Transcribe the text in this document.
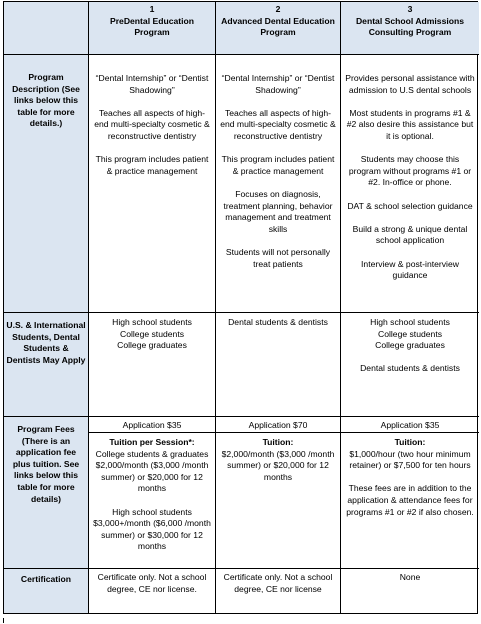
1
PreDental Education Program
2
Advanced Dental Education Program
3
Dental School Admissions Consulting Program
Program Description (See links below this table for more details.)

“Dental Internship” or “Dentist Shadowing”

Teaches all aspects of high-end multi-specialty cosmetic & reconstructive dentistry

This program includes patient & practice management

“Dental Internship” or “Dentist Shadowing”

Teaches all aspects of high-end multi-specialty cosmetic & reconstructive dentistry

This program includes patient & practice management

Focuses on diagnosis, treatment planning, behavior management and treatment skills

Students will not personally treat patients

Provides personal assistance with admission to U.S dental schools

Most students in programs #1 & #2 also desire this assistance but it is optional.

Students may choose this program without programs #1 or #2. In-office or phone.

DAT & school selection guidance

Build a strong & unique dental school application

Interview & post-interview guidance

U.S. & International Students, Dental Students & Dentists May Apply
High school students
College students
College graduates
Dental students & dentists	High school students
College students
College graduates

Dental students & dentists
Program Fees (There is an application fee plus tuition. See links below this table for more details)
Application $35
Tuition per Session*:

College students & graduates $2,000/month ($3,000 /month summer) or $20,000 for 12 months

High school students $3,000+/month ($6,000 /month summer) or $30,000 for 12 months

Application $70
Tuition:

$2,000/month ($3,000 /month summer) or $20,000 for 12 months

Application $35
Tuition:

$1,000/hour (two hour minimum retainer) or $7,500 for ten hours

These fees are in addition to the application & attendance fees for programs #1 or #2 if also chosen.

Certification	Certificate only. Not a school degree, CE nor license.
Certificate only. Not a school degree, CE nor license
None
